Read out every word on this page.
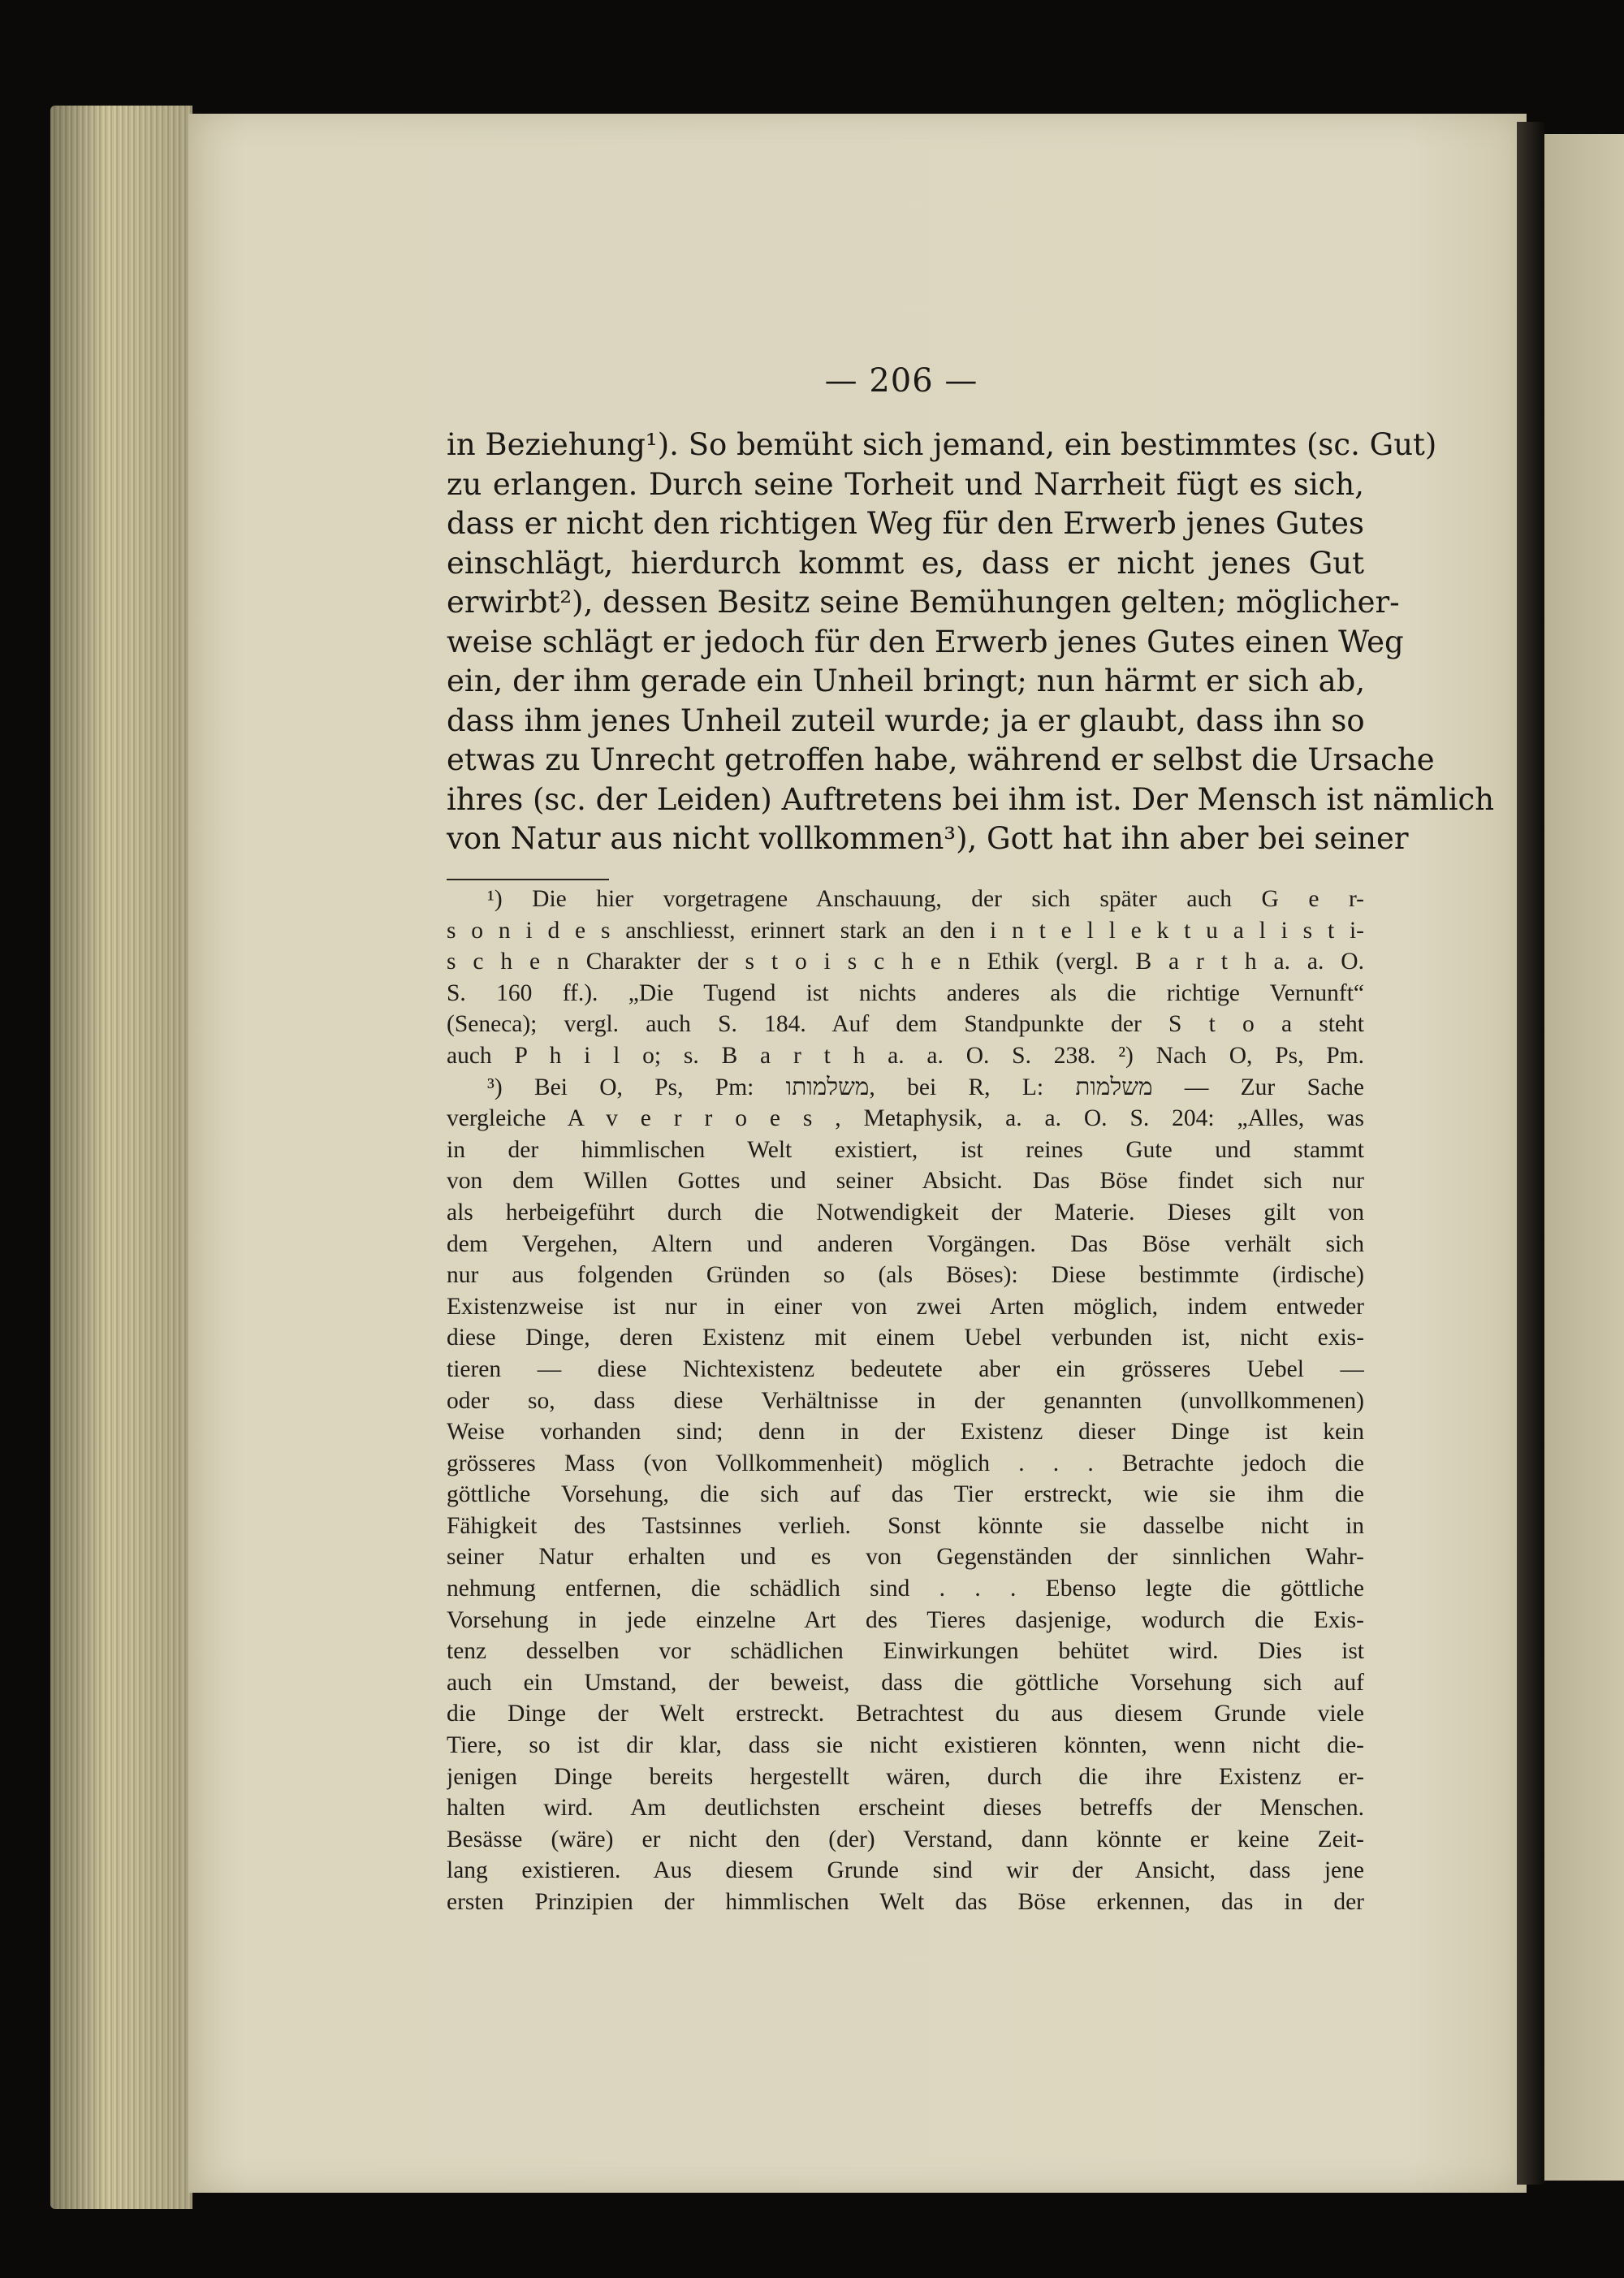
— 206 —
in Beziehung¹). So bemüht sich jemand, ein bestimmtes (sc. Gut)
zu erlangen. Durch seine Torheit und Narrheit fügt es sich,
dass er nicht den richtigen Weg für den Erwerb jenes Gutes
einschlägt, hierdurch kommt es, dass er nicht jenes Gut
erwirbt²), dessen Besitz seine Bemühungen gelten; möglicher-
weise schlägt er jedoch für den Erwerb jenes Gutes einen Weg
ein, der ihm gerade ein Unheil bringt; nun härmt er sich ab,
dass ihm jenes Unheil zuteil wurde; ja er glaubt, dass ihn so
etwas zu Unrecht getroffen habe, während er selbst die Ursache
ihres (sc. der Leiden) Auftretens bei ihm ist. Der Mensch ist nämlich
von Natur aus nicht vollkommen³), Gott hat ihn aber bei seiner
¹) Die hier vorgetragene Anschauung, der sich später auch G e r-
s o n i d e s anschliesst, erinnert stark an den i n t e l l e k t u a l i s t i-
s c h e n Charakter der s t o i s c h e n Ethik (vergl. B a r t h a. a. O.
S. 160 ff.). „Die Tugend ist nichts anderes als die richtige Vernunft“
(Seneca); vergl. auch S. 184. Auf dem Standpunkte der S t o a steht
auch P h i l o; s. B a r t h a. a. O. S. 238. ²) Nach O, Ps, Pm.
³) Bei O, Ps, Pm: משלמותו, bei R, L: משלמות — Zur Sache
vergleiche A v e r r o e s , Metaphysik, a. a. O. S. 204: „Alles, was
in der himmlischen Welt existiert, ist reines Gute und stammt
von dem Willen Gottes und seiner Absicht. Das Böse findet sich nur
als herbeigeführt durch die Notwendigkeit der Materie. Dieses gilt von
dem Vergehen, Altern und anderen Vorgängen. Das Böse verhält sich
nur aus folgenden Gründen so (als Böses): Diese bestimmte (irdische)
Existenzweise ist nur in einer von zwei Arten möglich, indem entweder
diese Dinge, deren Existenz mit einem Uebel verbunden ist, nicht exis-
tieren — diese Nichtexistenz bedeutete aber ein grösseres Uebel —
oder so, dass diese Verhältnisse in der genannten (unvollkommenen)
Weise vorhanden sind; denn in der Existenz dieser Dinge ist kein
grösseres Mass (von Vollkommenheit) möglich . . . Betrachte jedoch die
göttliche Vorsehung, die sich auf das Tier erstreckt, wie sie ihm die
Fähigkeit des Tastsinnes verlieh. Sonst könnte sie dasselbe nicht in
seiner Natur erhalten und es von Gegenständen der sinnlichen Wahr-
nehmung entfernen, die schädlich sind . . . Ebenso legte die göttliche
Vorsehung in jede einzelne Art des Tieres dasjenige, wodurch die Exis-
tenz desselben vor schädlichen Einwirkungen behütet wird. Dies ist
auch ein Umstand, der beweist, dass die göttliche Vorsehung sich auf
die Dinge der Welt erstreckt. Betrachtest du aus diesem Grunde viele
Tiere, so ist dir klar, dass sie nicht existieren könnten, wenn nicht die-
jenigen Dinge bereits hergestellt wären, durch die ihre Existenz er-
halten wird. Am deutlichsten erscheint dieses betreffs der Menschen.
Besässe (wäre) er nicht den (der) Verstand, dann könnte er keine Zeit-
lang existieren. Aus diesem Grunde sind wir der Ansicht, dass jene
ersten Prinzipien der himmlischen Welt das Böse erkennen, das in der
